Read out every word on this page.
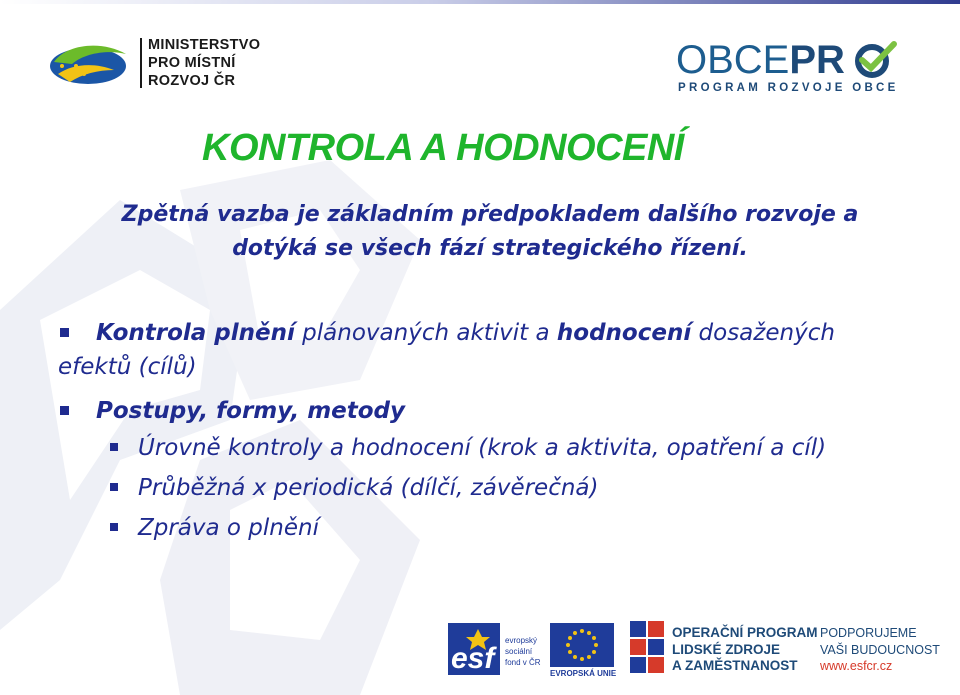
MINISTERSTVO
PRO MÍSTNÍ
ROZVOJ ČR	OBCEPR
PROGRAM ROZVOJE OBCE
KONTROLA A HODNOCENÍ
Zpětná vazba je základním předpokladem dalšího rozvoje a
dotýká se všech fází strategického řízení.
Kontrola plnění plánovaných aktivit a hodnocení dosažených
efektů (cílů)
Postupy, formy, metody
Úrovně kontroly a hodnocení (krok a aktivita, opatření a cíl)
Průběžná x periodická (dílčí, závěrečná)
Zpráva o plnění
esf
evropský
sociální
fond v ČR
EVROPSKÁ UNIE
OPERAČNÍ PROGRAM
LIDSKÉ ZDROJE
A ZAMĚSTNANOST
PODPORUJEME
VAŠI BUDOUCNOST
www.esfcr.cz
